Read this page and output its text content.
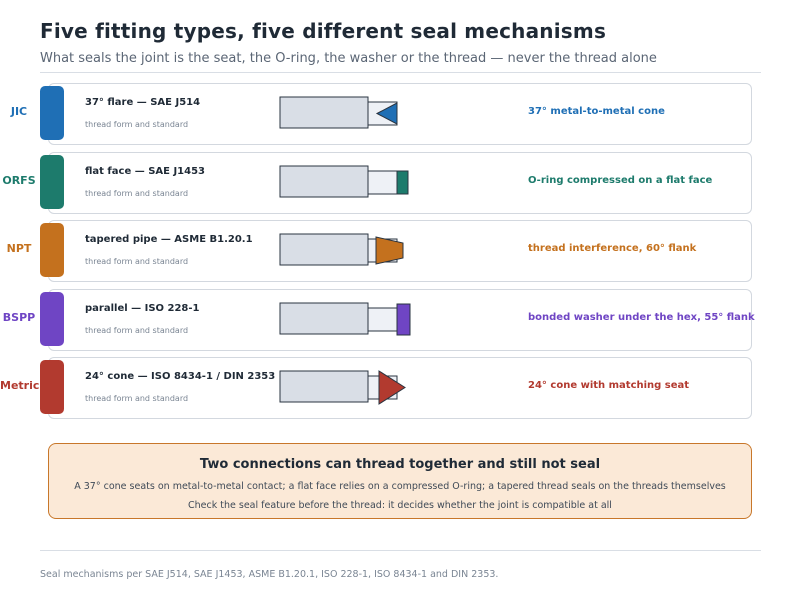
Five fitting types, five different seal mechanisms
What seals the joint is the seat, the O-ring, the washer or the thread — never the thread alone
JIC
37° flare — SAE J514
thread form and standard
37° metal-to-metal cone
ORFS
flat face — SAE J1453
thread form and standard
O-ring compressed on a flat face
NPT
tapered pipe — ASME B1.20.1
thread form and standard
thread interference, 60° flank
BSPP
parallel — ISO 228-1
thread form and standard
bonded washer under the hex, 55° flank
Metric
24° cone — ISO 8434-1 / DIN 2353
thread form and standard
24° cone with matching seat
Two connections can thread together and still not seal
A 37° cone seats on metal-to-metal contact; a flat face relies on a compressed O-ring; a tapered thread seals on the threads themselves
Check the seal feature before the thread: it decides whether the joint is compatible at all
Seal mechanisms per SAE J514, SAE J1453, ASME B1.20.1, ISO 228-1, ISO 8434-1 and DIN 2353.
